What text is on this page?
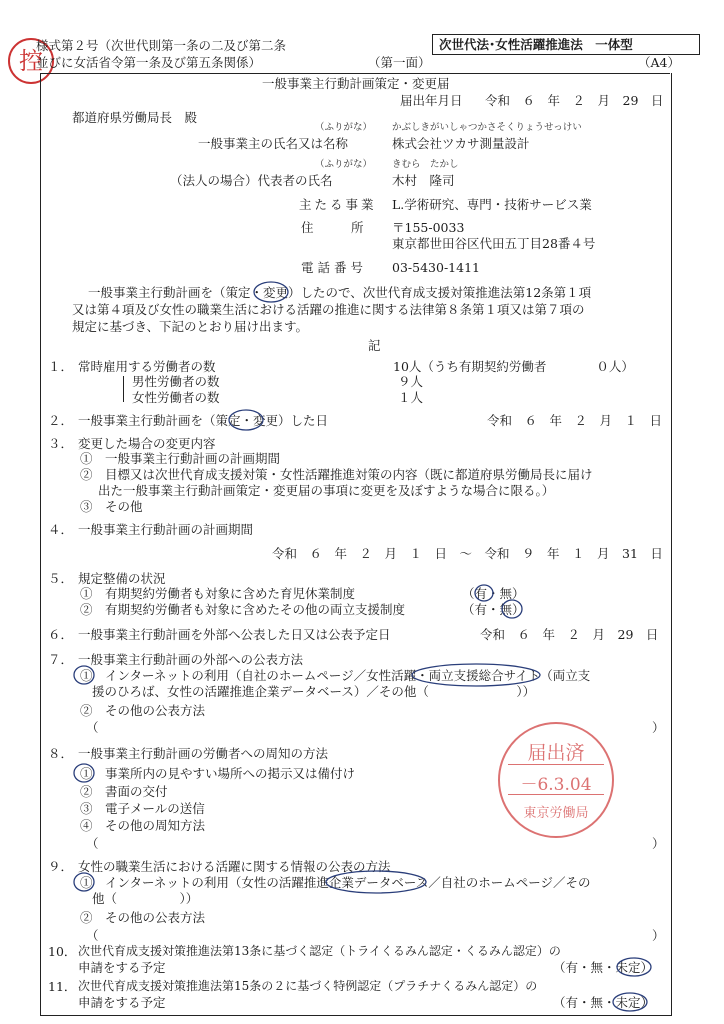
控
様式第２号（次世代則第一条の二及び第二条
並びに女活省令第一条及び第五条関係）	（第一面）
次世代法･女性活躍推進法　一体型
（A4）
一般事業主行動計画策定・変更届
届出年月日 令和　６　年　２　月　29　日
都道府県労働局長　殿
（ふりがな） かぶしきがいしゃつかさそくりょうせっけい
一般事業主の氏名又は名称	株式会社ツカサ測量設計
（ふりがな） きむら　たかし
（法人の場合）代表者の氏名	木村　隆司
主たる事業 L.学術研究、専門・技術サービス業
住　　　所 〒155-0033
東京都世田谷区代田五丁目28番４号
電話番号 03-5430-1411
一般事業主行動計画を（策定・変更）したので、次世代育成支援対策推進法第12条第１項
又は第４項及び女性の職業生活における活躍の推進に関する法律第８条第１項又は第７項の
規定に基づき、下記のとおり届け出ます。
記
１． 常時雇用する労働者の数	10人（うち有期契約労働者　　　　０人）
男性労働者の数	９人
女性労働者の数	１人
２． 一般事業主行動計画を（策定・変更）した日	令和　６　年　２　月　１　日
３． 変更した場合の変更内容
①　一般事業主行動計画の計画期間
②　目標又は次世代育成支援対策・女性活躍推進対策の内容（既に都道府県労働局長に届け
出た一般事業主行動計画策定・変更届の事項に変更を及ぼすような場合に限る。）
③　その他
４． 一般事業主行動計画の計画期間
令和　６　年　２　月　１　日　～　令和　９　年　１　月　31　日
５． 規定整備の状況
①　有期契約労働者も対象に含めた育児休業制度	（有・無）
②　有期契約労働者も対象に含めたその他の両立支援制度	（有・無）
６． 一般事業主行動計画を外部へ公表した日又は公表予定日	令和　６　年　２　月　29　日
７． 一般事業主行動計画の外部への公表方法
①　インターネットの利用（自社のホームページ／女性活躍・両立支援総合サイト（両立支
援のひろば、女性の活躍推進企業データベース）／その他（　　　　　　　））
②　その他の公表方法
（	）
８． 一般事業主行動計画の労働者への周知の方法
①　事業所内の見やすい場所への掲示又は備付け
②　書面の交付
③　電子メールの送信
④　その他の周知方法
（	）
９． 女性の職業生活における活躍に関する情報の公表の方法
①　インターネットの利用（女性の活躍推進企業データベース／自社のホームページ／その
他（　　　　　））
②　その他の公表方法
（	）
10． 次世代育成支援対策推進法第13条に基づく認定（トライくるみん認定・くるみん認定）の
申請をする予定	（有・無・未定）
11． 次世代育成支援対策推進法第15条の２に基づく特例認定（プラチナくるみん認定）の
申請をする予定	（有・無・未定）
届出済
－6.3.04
東京労働局
